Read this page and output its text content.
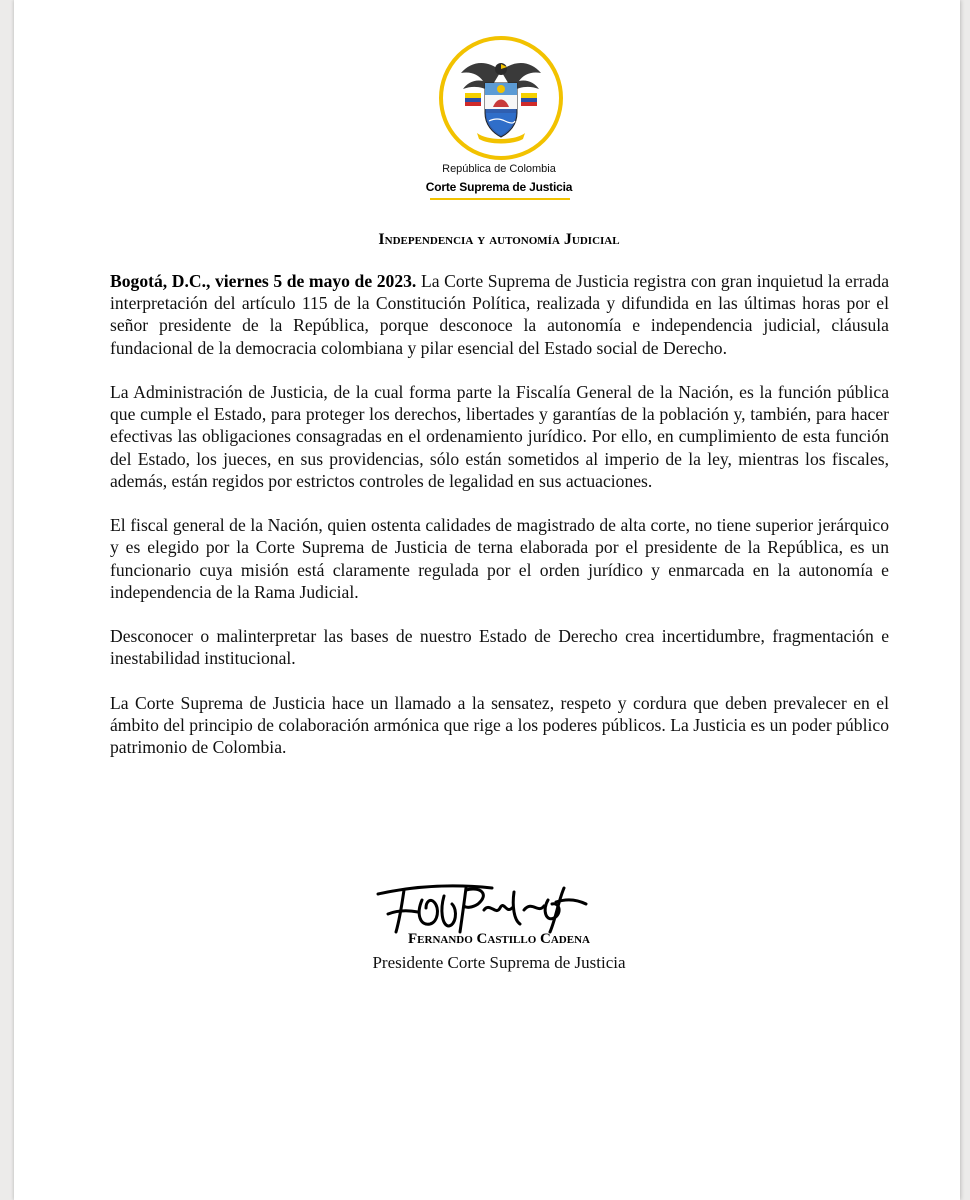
República de Colombia
Corte Suprema de Justicia
Independencia y autonomía Judicial

Bogotá, D.C., viernes 5 de mayo de 2023. La Corte Suprema de Justicia registra con gran inquietud la errada interpretación del artículo 115 de la Constitución Política, realizada y difundida en las últimas horas por el señor presidente de la República, porque desconoce la autonomía e independencia judicial, cláusula fundacional de la democracia colombiana y pilar esencial del Estado social de Derecho.

La Administración de Justicia, de la cual forma parte la Fiscalía General de la Nación, es la función pública que cumple el Estado, para proteger los derechos, libertades y garantías de la población y, también, para hacer efectivas las obligaciones consagradas en el ordenamiento jurídico. Por ello, en cumplimiento de esta función del Estado, los jueces, en sus providencias, sólo están sometidos al imperio de la ley, mientras los fiscales, además, están regidos por estrictos controles de legalidad en sus actuaciones.

El fiscal general de la Nación, quien ostenta calidades de magistrado de alta corte, no tiene superior jerárquico y es elegido por la Corte Suprema de Justicia de terna elaborada por el presidente de la República, es un funcionario cuya misión está claramente regulada por el orden jurídico y enmarcada en la autonomía e independencia de la Rama Judicial.

Desconocer o malinterpretar las bases de nuestro Estado de Derecho crea incertidumbre, fragmentación e inestabilidad institucional.

La Corte Suprema de Justicia hace un llamado a la sensatez, respeto y cordura que deben prevalecer en el ámbito del principio de colaboración armónica que rige a los poderes públicos. La Justicia es un poder público patrimonio de Colombia.

Fernando Castillo Cadena
Presidente Corte Suprema de Justicia
